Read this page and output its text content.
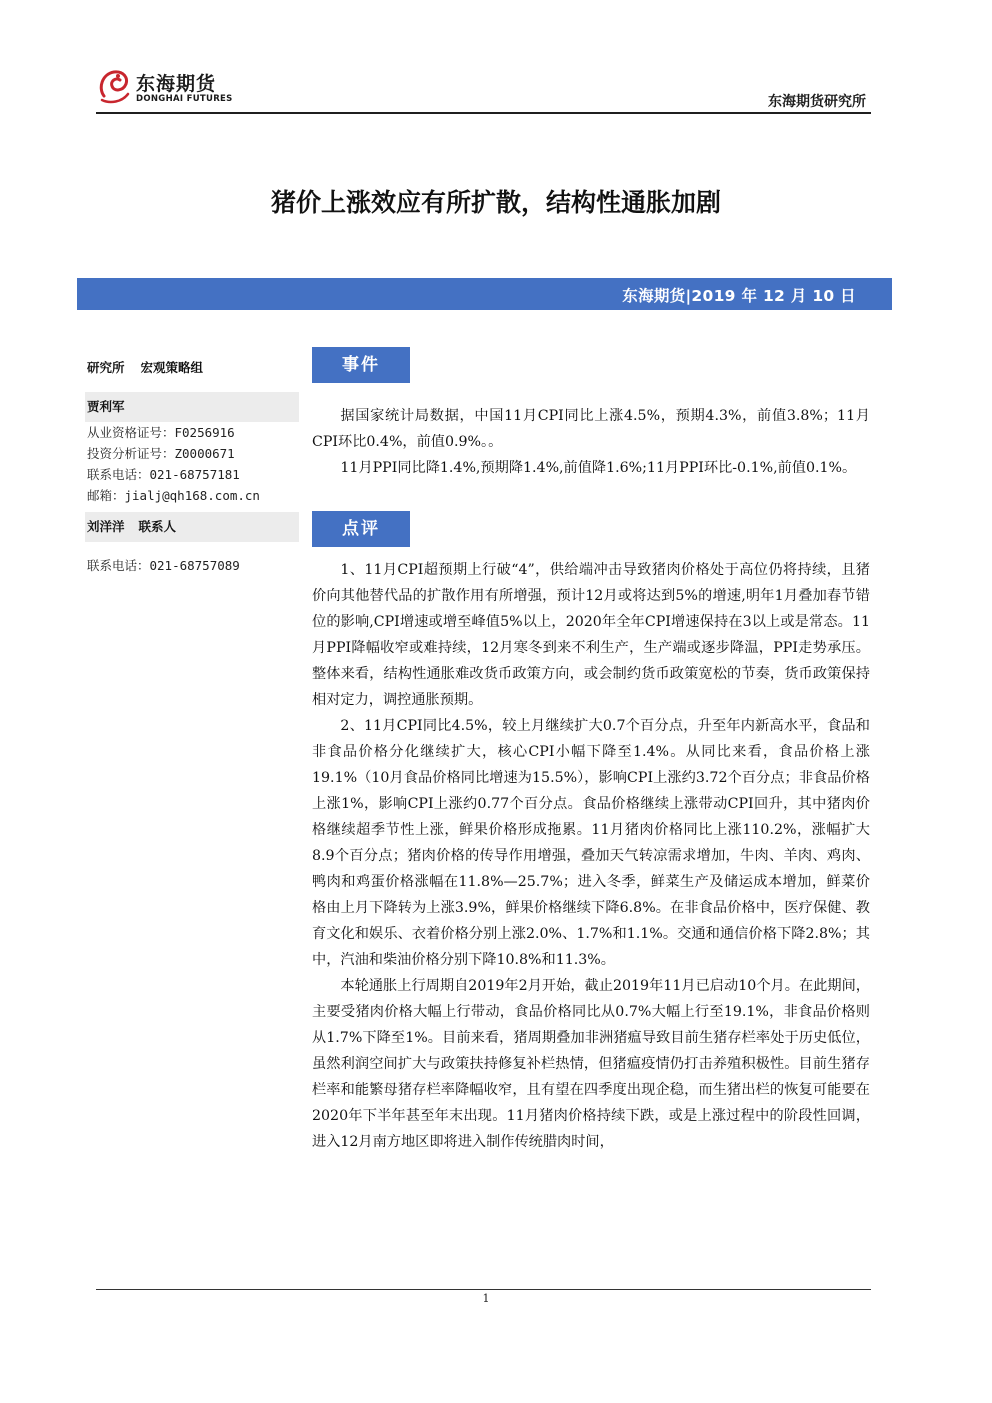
东海期货
DONGHAI FUTURES	东海期货研究所
猪价上涨效应有所扩散，结构性通胀加剧
东海期货|2019 年 12 月 10 日
研究所 宏观策略组
贾利军
从业资格证号：F0256916
投资分析证号：Z0000671
联系电话：021-68757181
邮箱：jialj@qh168.com.cn
刘洋洋 联系人
联系电话：021-68757089
事件

据国家统计局数据，中国11月CPI同比上涨4.5%，预期4.3%，前值3.8%；11月CPI环比0.4%，前值0.9%。。

11月PPI同比降1.4%,预期降1.4%,前值降1.6%;11月PPI环比-0.1%,前值0.1%。

点评

1、11月CPI超预期上行破“4”，供给端冲击导致猪肉价格处于高位仍将持续，且猪价向其他替代品的扩散作用有所增强，预计12月或将达到5%的增速,明年1月叠加春节错位的影响,CPI增速或增至峰值5%以上，2020年全年CPI增速保持在3以上或是常态。11月PPI降幅收窄或难持续，12月寒冬到来不利生产，生产端或逐步降温，PPI走势承压。整体来看，结构性通胀难改货币政策方向，或会制约货币政策宽松的节奏，货币政策保持相对定力，调控通胀预期。

2、11月CPI同比4.5%，较上月继续扩大0.7个百分点，升至年内新高水平，食品和非食品价格分化继续扩大，核心CPI小幅下降至1.4%。从同比来看，食品价格上涨19.1%（10月食品价格同比增速为15.5%），影响CPI上涨约3.72个百分点；非食品价格上涨1%，影响CPI上涨约0.77个百分点。食品价格继续上涨带动CPI回升，其中猪肉价格继续超季节性上涨，鲜果价格形成拖累。11月猪肉价格同比上涨110.2%，涨幅扩大8.9个百分点；猪肉价格的传导作用增强，叠加天气转凉需求增加，牛肉、羊肉、鸡肉、鸭肉和鸡蛋价格涨幅在11.8%—25.7%；进入冬季，鲜菜生产及储运成本增加，鲜菜价格由上月下降转为上涨3.9%，鲜果价格继续下降6.8%。在非食品价格中，医疗保健、教育文化和娱乐、衣着价格分别上涨2.0%、1.7%和1.1%。交通和通信价格下降2.8%；其中，汽油和柴油价格分别下降10.8%和11.3%。

本轮通胀上行周期自2019年2月开始，截止2019年11月已启动10个月。在此期间，主要受猪肉价格大幅上行带动，食品价格同比从0.7%大幅上行至19.1%，非食品价格则从1.7%下降至1%。目前来看，猪周期叠加非洲猪瘟导致目前生猪存栏率处于历史低位，虽然利润空间扩大与政策扶持修复补栏热情，但猪瘟疫情仍打击养殖积极性。目前生猪存栏率和能繁母猪存栏率降幅收窄，且有望在四季度出现企稳，而生猪出栏的恢复可能要在2020年下半年甚至年末出现。11月猪肉价格持续下跌，或是上涨过程中的阶段性回调，进入12月南方地区即将进入制作传统腊肉时间，

1
